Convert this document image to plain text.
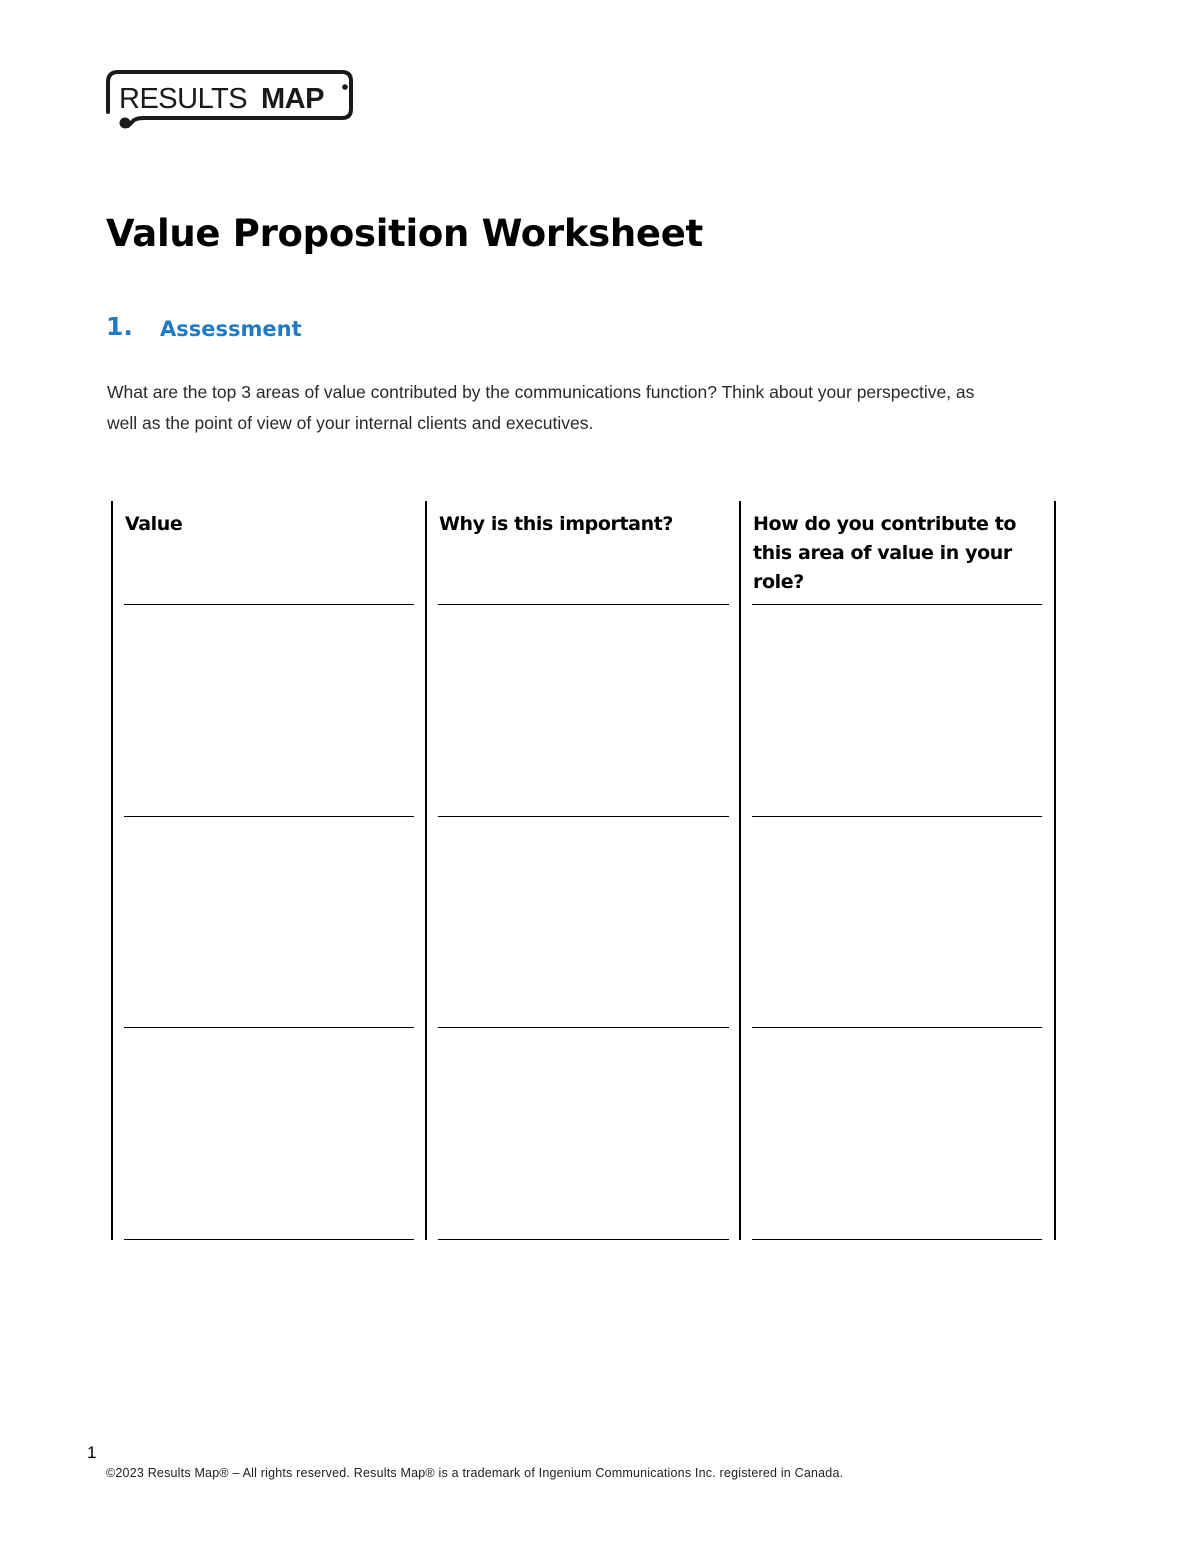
RESULTS MAP
Value Proposition Worksheet
1. Assessment

What are the top 3 areas of value contributed by the communications function? Think about your perspective, as well as the point of view of your internal clients and executives.

Value	Why is this important?	How do you contribute to this area of value in your role?
1
©2023 Results Map® – All rights reserved. Results Map® is a trademark of Ingenium Communications Inc. registered in Canada.
